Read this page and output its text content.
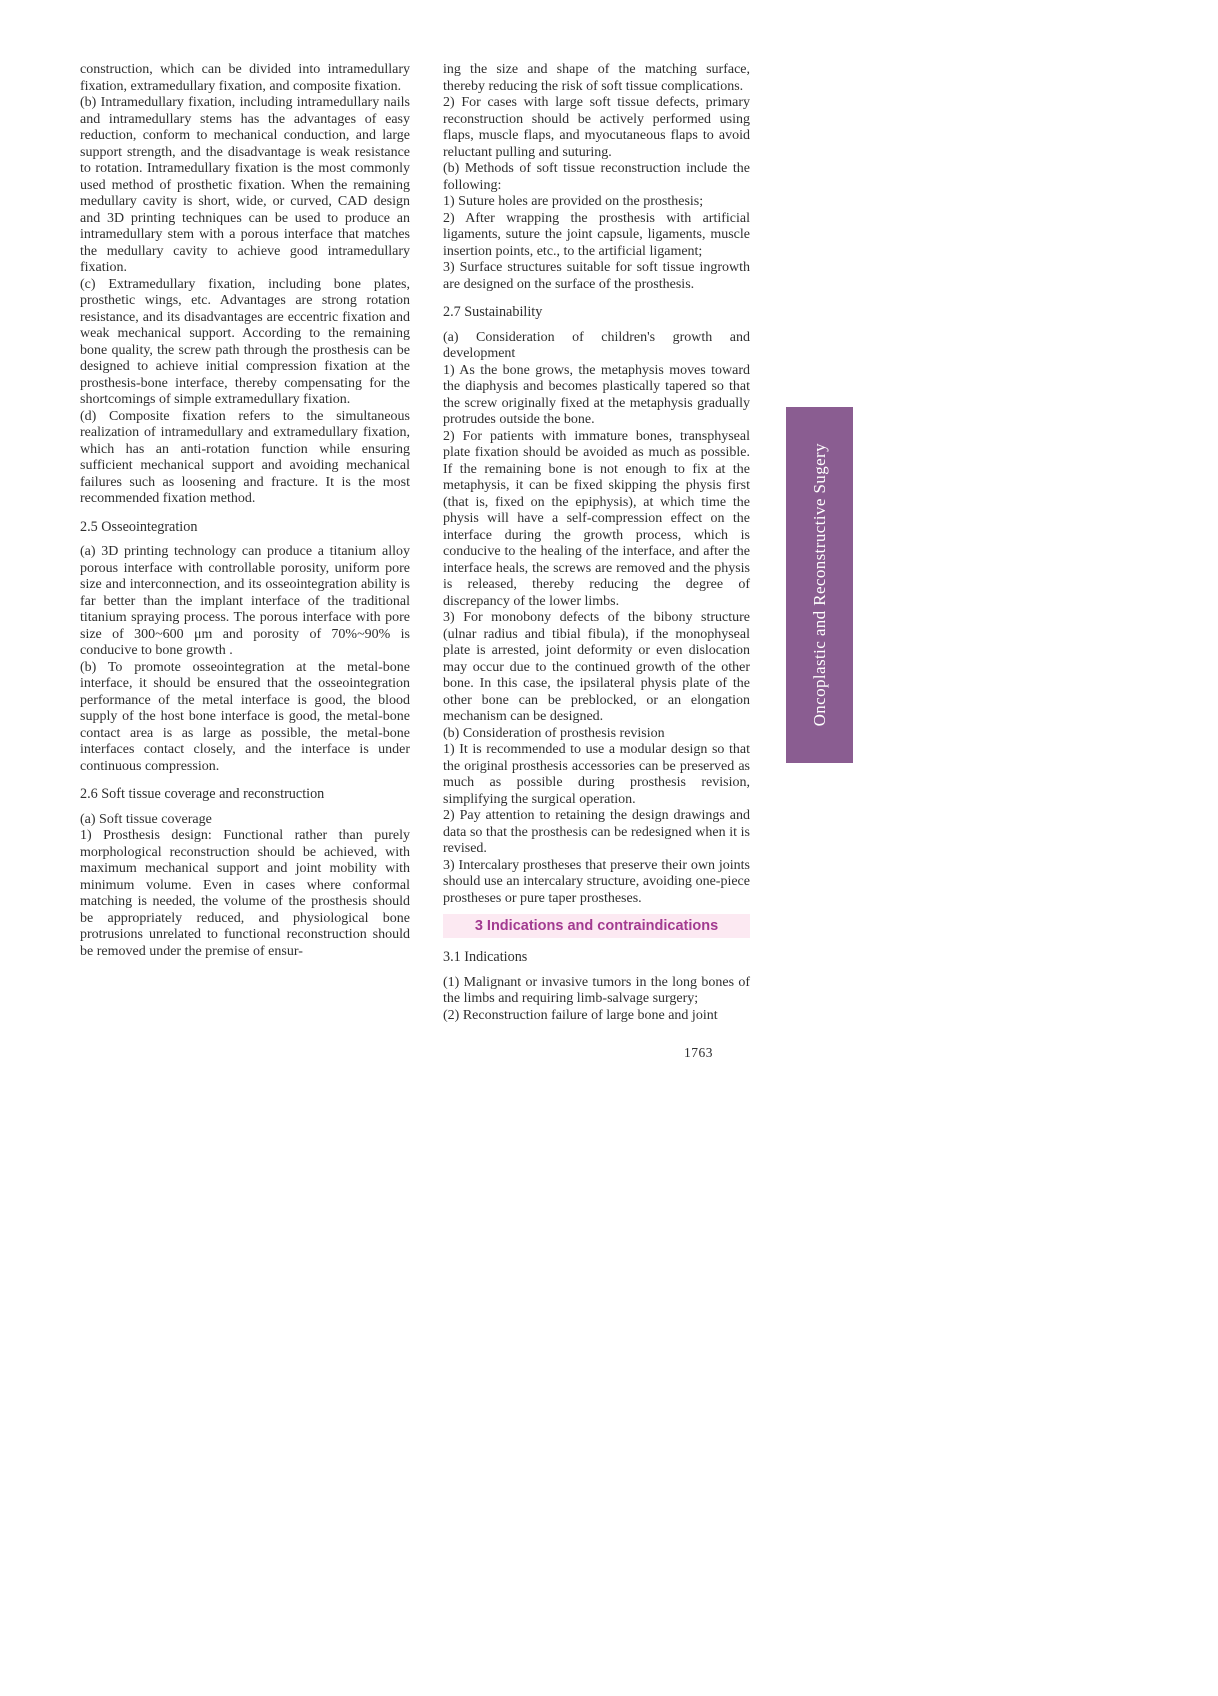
construction, which can be divided into intramedullary fixation, extramedullary fixation, and composite fixation.

(b) Intramedullary fixation, including intramedullary nails and intramedullary stems has the advantages of easy reduction, conform to mechanical conduction, and large support strength, and the disadvantage is weak resistance to rotation. Intramedullary fixation is the most commonly used method of prosthetic fixation. When the remaining medullary cavity is short, wide, or curved, CAD design and 3D printing techniques can be used to produce an intramedullary stem with a porous interface that matches the medullary cavity to achieve good intramedullary fixation.

(c) Extramedullary fixation, including bone plates, prosthetic wings, etc. Advantages are strong rotation resistance, and its disadvantages are eccentric fixation and weak mechanical support. According to the remaining bone quality, the screw path through the prosthesis can be designed to achieve initial compression fixation at the prosthesis-bone interface, thereby compensating for the shortcomings of simple extramedullary fixation.

(d) Composite fixation refers to the simultaneous realization of intramedullary and extramedullary fixation, which has an anti-rotation function while ensuring sufficient mechanical support and avoiding mechanical failures such as loosening and fracture. It is the most recommended fixation method.

2.5 Osseointegration

(a) 3D printing technology can produce a titanium alloy porous interface with controllable porosity, uniform pore size and interconnection, and its osseointegration ability is far better than the implant interface of the traditional titanium spraying process. The porous interface with pore size of 300~600 μm and porosity of 70%~90% is conducive to bone growth .

(b) To promote osseointegration at the metal-bone interface, it should be ensured that the osseointegration performance of the metal interface is good, the blood supply of the host bone interface is good, the metal-bone contact area is as large as possible, the metal-bone interfaces contact closely, and the interface is under continuous compression.

2.6 Soft tissue coverage and reconstruction

(a) Soft tissue coverage

1) Prosthesis design: Functional rather than purely morphological reconstruction should be achieved, with maximum mechanical support and joint mobility with minimum volume. Even in cases where conformal matching is needed, the volume of the prosthesis should be appropriately reduced, and physiological bone protrusions unrelated to functional reconstruction should be removed under the premise of ensur-

ing the size and shape of the matching surface, thereby reducing the risk of soft tissue complications.

2) For cases with large soft tissue defects, primary reconstruction should be actively performed using flaps, muscle flaps, and myocutaneous flaps to avoid reluctant pulling and suturing.

(b) Methods of soft tissue reconstruction include the following:

1) Suture holes are provided on the prosthesis;

2) After wrapping the prosthesis with artificial ligaments, suture the joint capsule, ligaments, muscle insertion points, etc., to the artificial ligament;

3) Surface structures suitable for soft tissue ingrowth are designed on the surface of the prosthesis.

2.7 Sustainability

(a) Consideration of children's growth and development

1) As the bone grows, the metaphysis moves toward the diaphysis and becomes plastically tapered so that the screw originally fixed at the metaphysis gradually protrudes outside the bone.

2) For patients with immature bones, transphyseal plate fixation should be avoided as much as possible. If the remaining bone is not enough to fix at the metaphysis, it can be fixed skipping the physis first (that is, fixed on the epiphysis), at which time the physis will have a self-compression effect on the interface during the growth process, which is conducive to the healing of the interface, and after the interface heals, the screws are removed and the physis is released, thereby reducing the degree of discrepancy of the lower limbs.

3) For monobony defects of the bibony structure (ulnar radius and tibial fibula), if the monophyseal plate is arrested, joint deformity or even dislocation may occur due to the continued growth of the other bone. In this case, the ipsilateral physis plate of the other bone can be preblocked, or an elongation mechanism can be designed.

(b) Consideration of prosthesis revision

1) It is recommended to use a modular design so that the original prosthesis accessories can be preserved as much as possible during prosthesis revision, simplifying the surgical operation.

2) Pay attention to retaining the design drawings and data so that the prosthesis can be redesigned when it is revised.

3) Intercalary prostheses that preserve their own joints should use an intercalary structure, avoiding one-piece prostheses or pure taper prostheses.

3 Indications and contraindications

3.1 Indications

(1) Malignant or invasive tumors in the long bones of the limbs and requiring limb-salvage surgery;

(2) Reconstruction failure of large bone and joint

Oncoplastic and Reconstructive Sugery
1763
